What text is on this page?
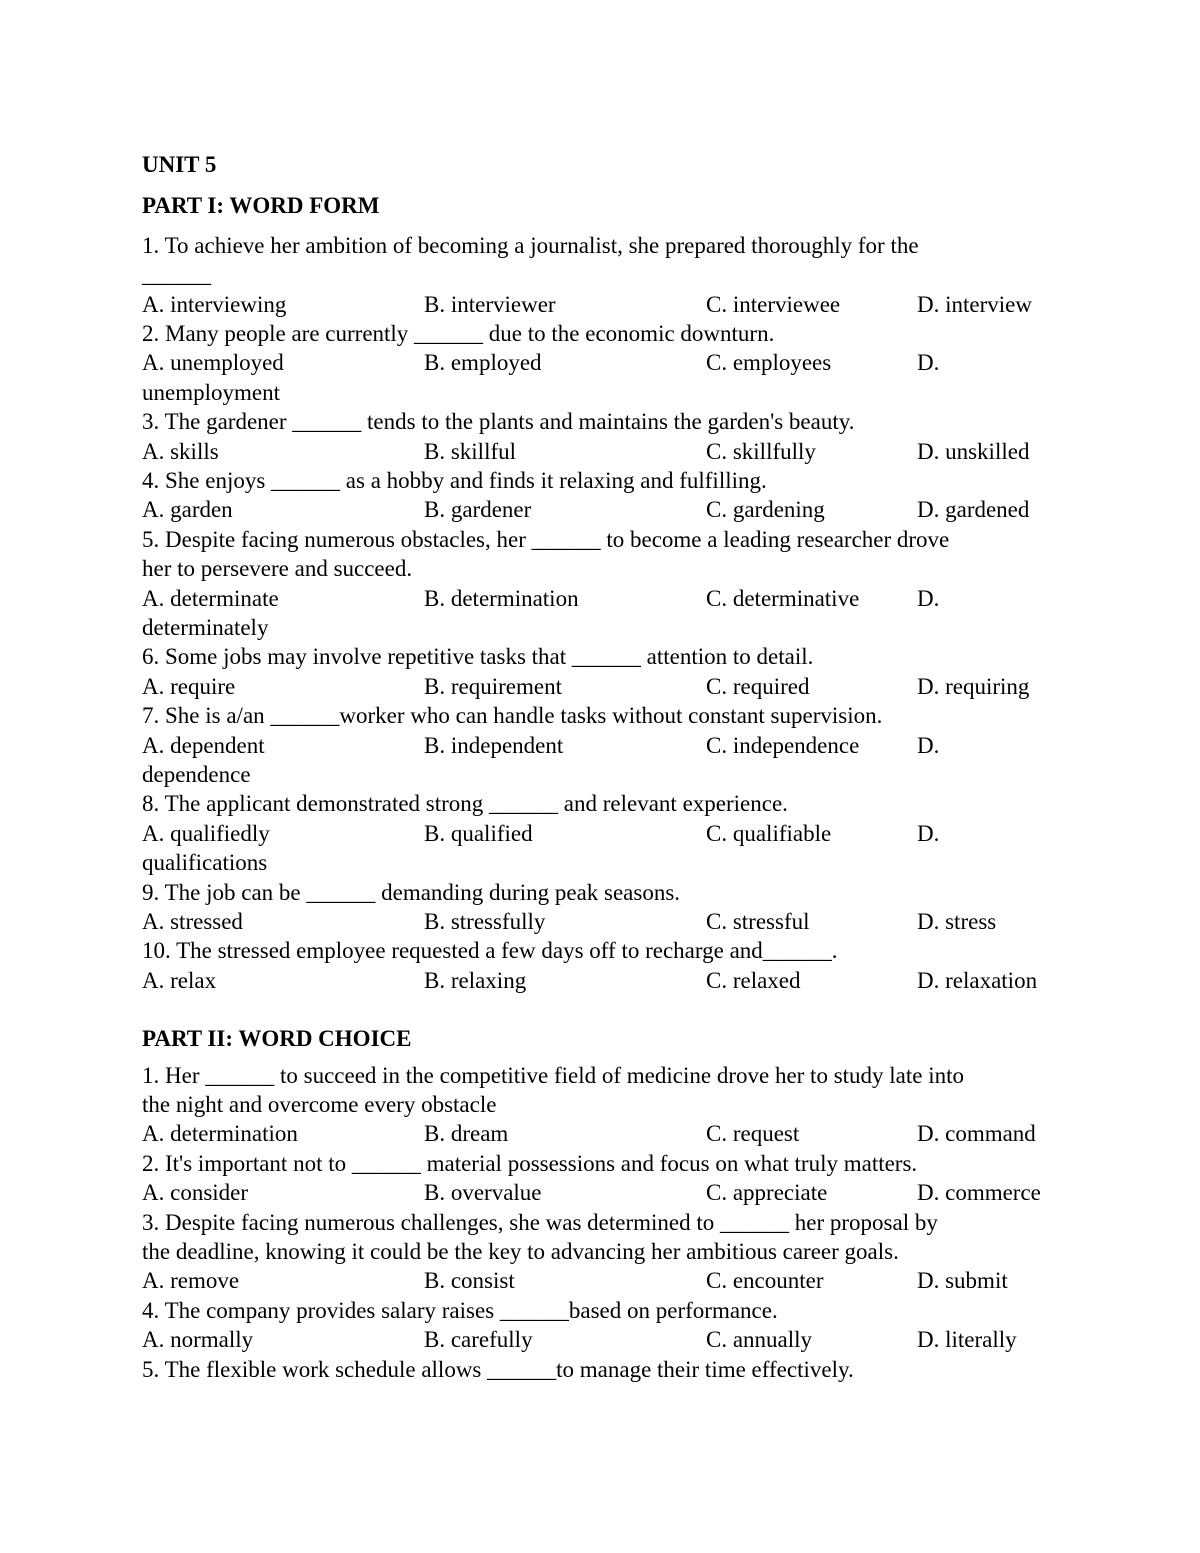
UNIT 5
PART I: WORD FORM
1. To achieve her ambition of becoming a journalist, she prepared thoroughly for the
______
A. interviewing	B. interviewer	C. interviewee	D. interview
2. Many people are currently ______ due to the economic downturn.
A. unemployed	B. employed	C. employees	D.
unemployment
3. The gardener ______ tends to the plants and maintains the garden's beauty.
A. skills	B. skillful	C. skillfully	D. unskilled
4. She enjoys ______ as a hobby and finds it relaxing and fulfilling.
A. garden	B. gardener	C. gardening	D. gardened
5. Despite facing numerous obstacles, her ______ to become a leading researcher drove
her to persevere and succeed.
A. determinate	B. determination	C. determinative	D.
determinately
6. Some jobs may involve repetitive tasks that ______ attention to detail.
A. require	B. requirement	C. required	D. requiring
7. She is a/an ______worker who can handle tasks without constant supervision.
A. dependent	B. independent	C. independence	D.
dependence
8. The applicant demonstrated strong ______ and relevant experience.
A. qualifiedly	B. qualified	C. qualifiable	D.
qualifications
9. The job can be ______ demanding during peak seasons.
A. stressed	B. stressfully	C. stressful	D. stress
10. The stressed employee requested a few days off to recharge and______.
A. relax	B. relaxing	C. relaxed	D. relaxation
PART II: WORD CHOICE
1. Her ______ to succeed in the competitive field of medicine drove her to study late into
the night and overcome every obstacle
A. determination	B. dream	C. request	D. command
2. It's important not to ______ material possessions and focus on what truly matters.
A. consider	B. overvalue	C. appreciate	D. commerce
3. Despite facing numerous challenges, she was determined to ______ her proposal by
the deadline, knowing it could be the key to advancing her ambitious career goals.
A. remove	B. consist	C. encounter	D. submit
4. The company provides salary raises ______based on performance.
A. normally	B. carefully	C. annually	D. literally
5. The flexible work schedule allows ______to manage their time effectively.
